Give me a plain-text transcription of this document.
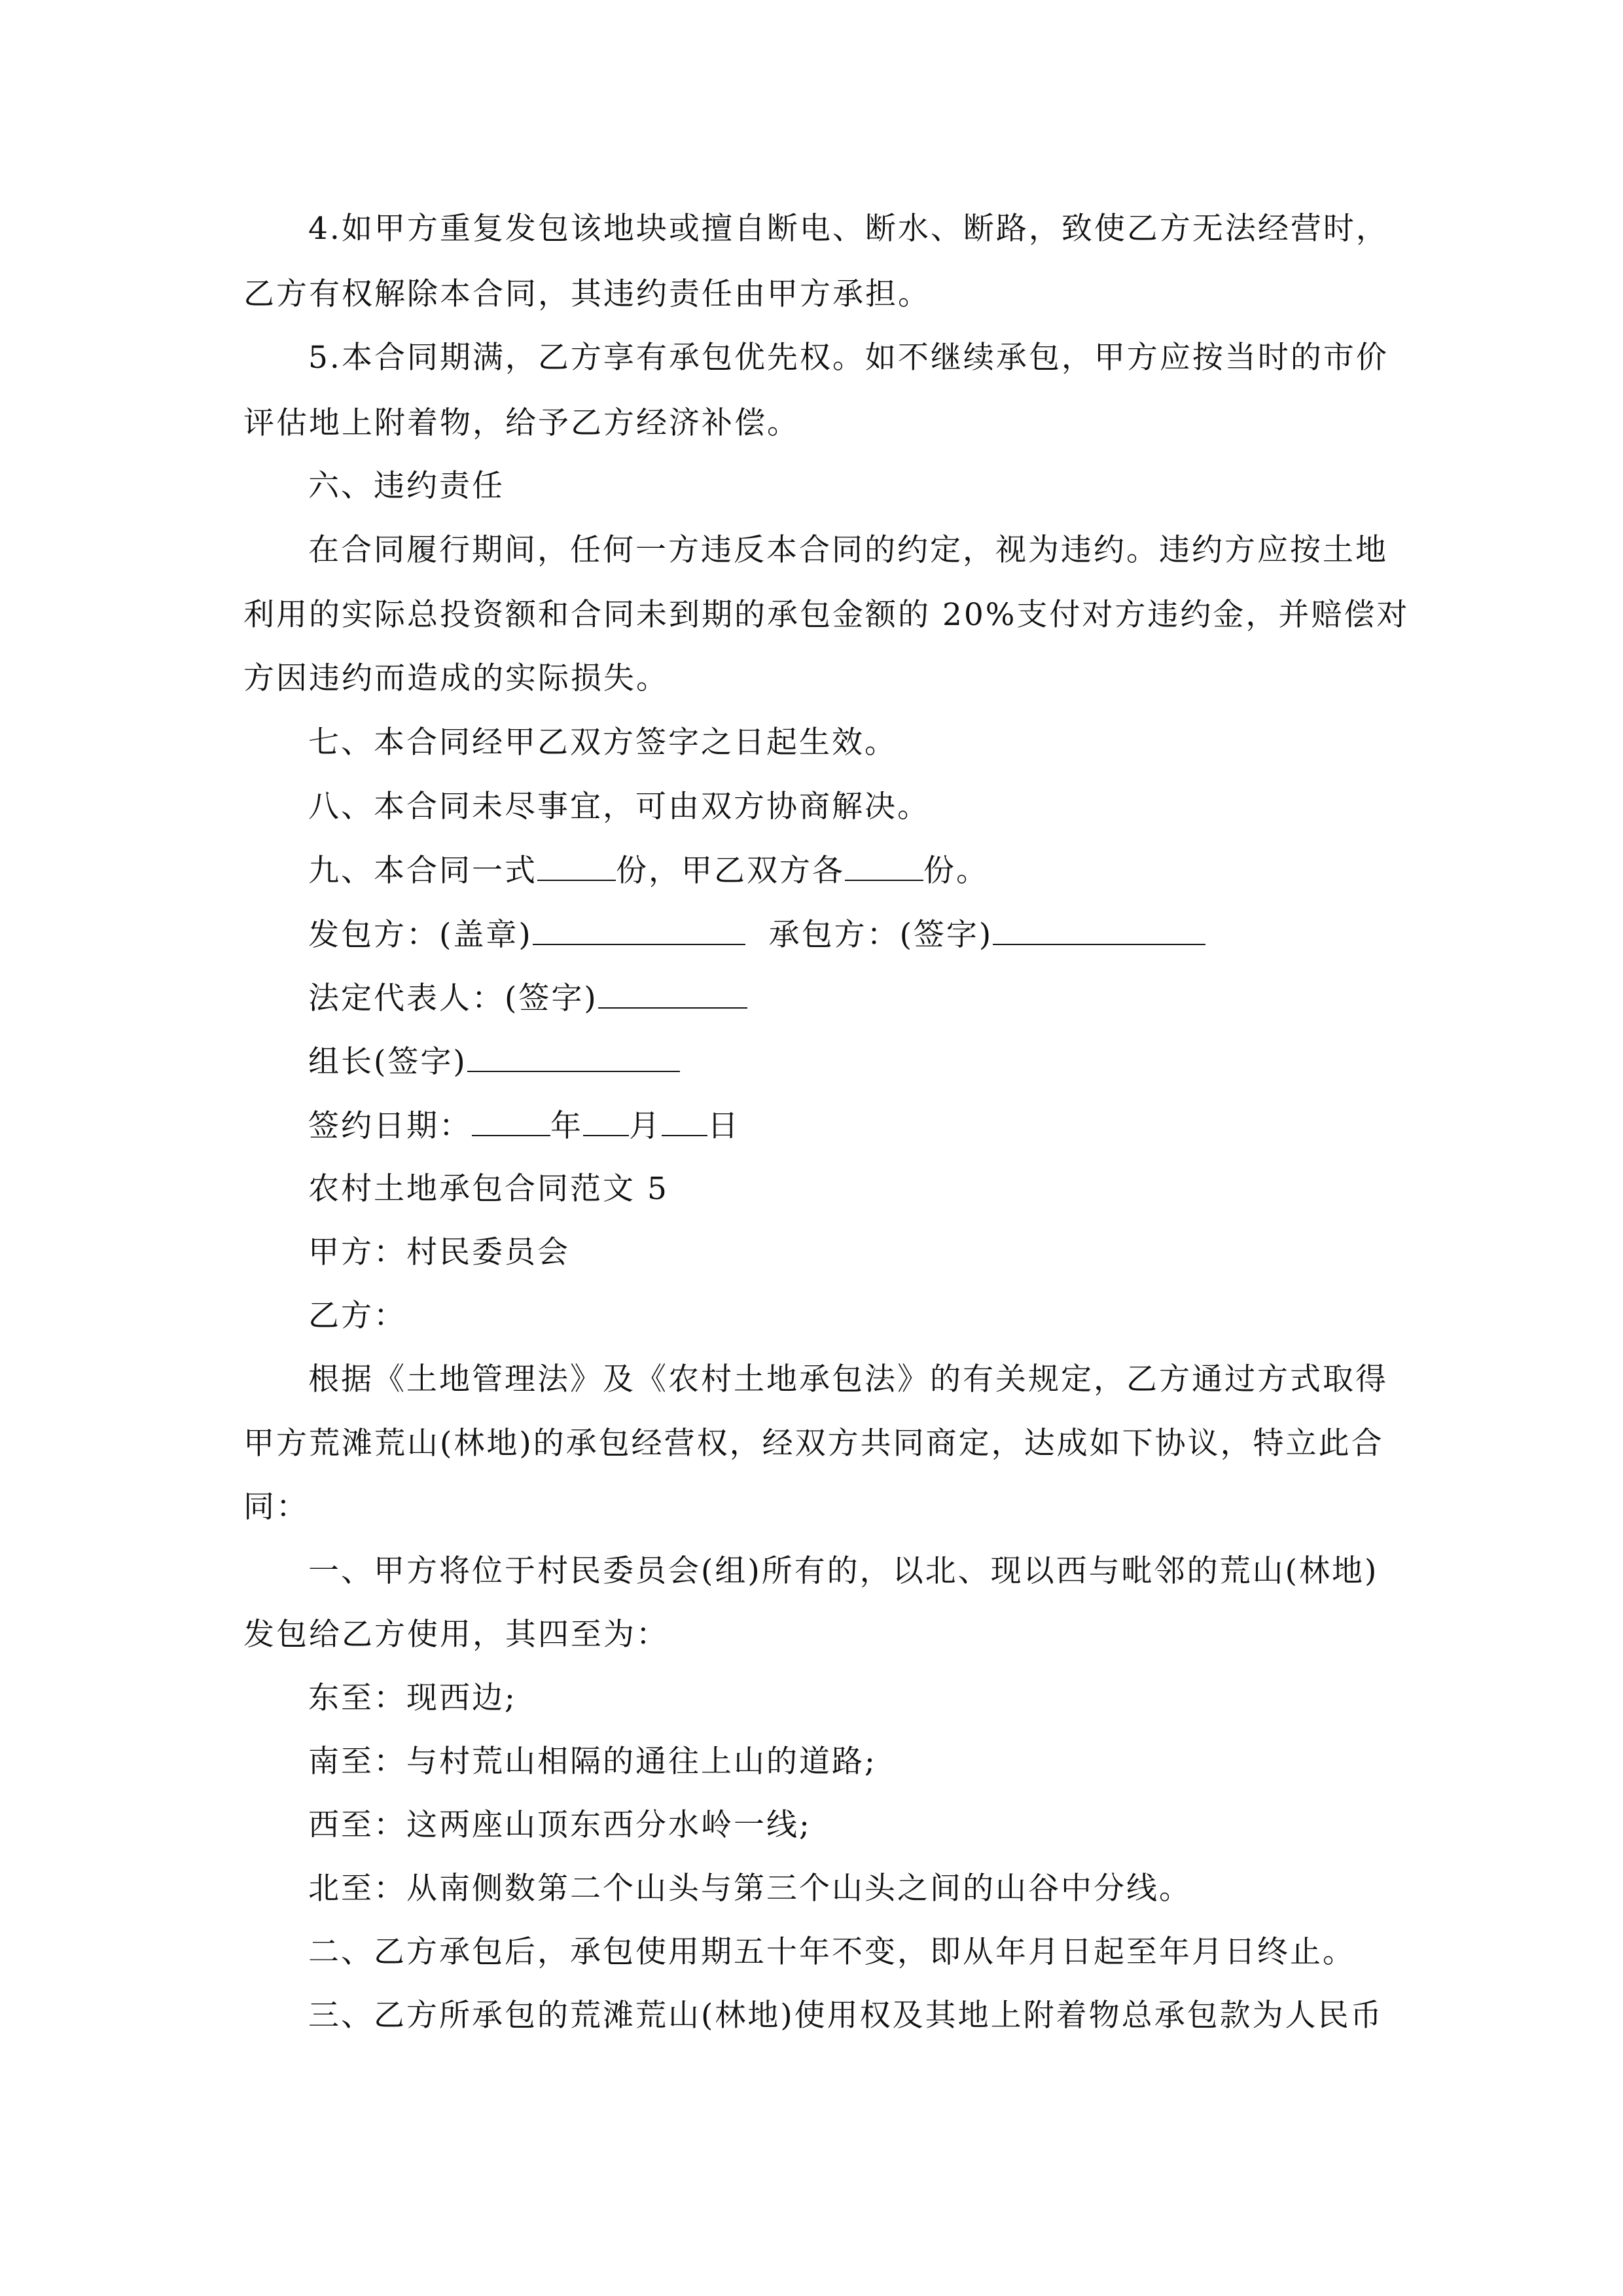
4.如甲方重复发包该地块或擅自断电、断水、断路，致使乙方无法经营时，
乙方有权解除本合同，其违约责任由甲方承担。
5.本合同期满，乙方享有承包优先权。如不继续承包，甲方应按当时的市价
评估地上附着物，给予乙方经济补偿。
六、违约责任
在合同履行期间，任何一方违反本合同的约定，视为违约。违约方应按土地
利用的实际总投资额和合同未到期的承包金额的 20%支付对方违约金，并赔偿对
方因违约而造成的实际损失。
七、本合同经甲乙双方签字之日起生效。
八、本合同未尽事宜，可由双方协商解决。
九、本合同一式	份，甲乙双方各	份。
发包方：(盖章)	承包方：(签字)
法定代表人：(签字)
组长(签字)
签约日期：	年 月 日
农村土地承包合同范文 5
甲方：村民委员会
乙方：
根据《土地管理法》及《农村土地承包法》的有关规定，乙方通过方式取得
甲方荒滩荒山(林地)的承包经营权，经双方共同商定，达成如下协议，特立此合
同：
一、甲方将位于村民委员会(组)所有的，以北、现以西与毗邻的荒山(林地)
发包给乙方使用，其四至为：
东至：现西边;
南至：与村荒山相隔的通往上山的道路;
西至：这两座山顶东西分水岭一线;
北至：从南侧数第二个山头与第三个山头之间的山谷中分线。
二、乙方承包后，承包使用期五十年不变，即从年月日起至年月日终止。
三、乙方所承包的荒滩荒山(林地)使用权及其地上附着物总承包款为人民币
